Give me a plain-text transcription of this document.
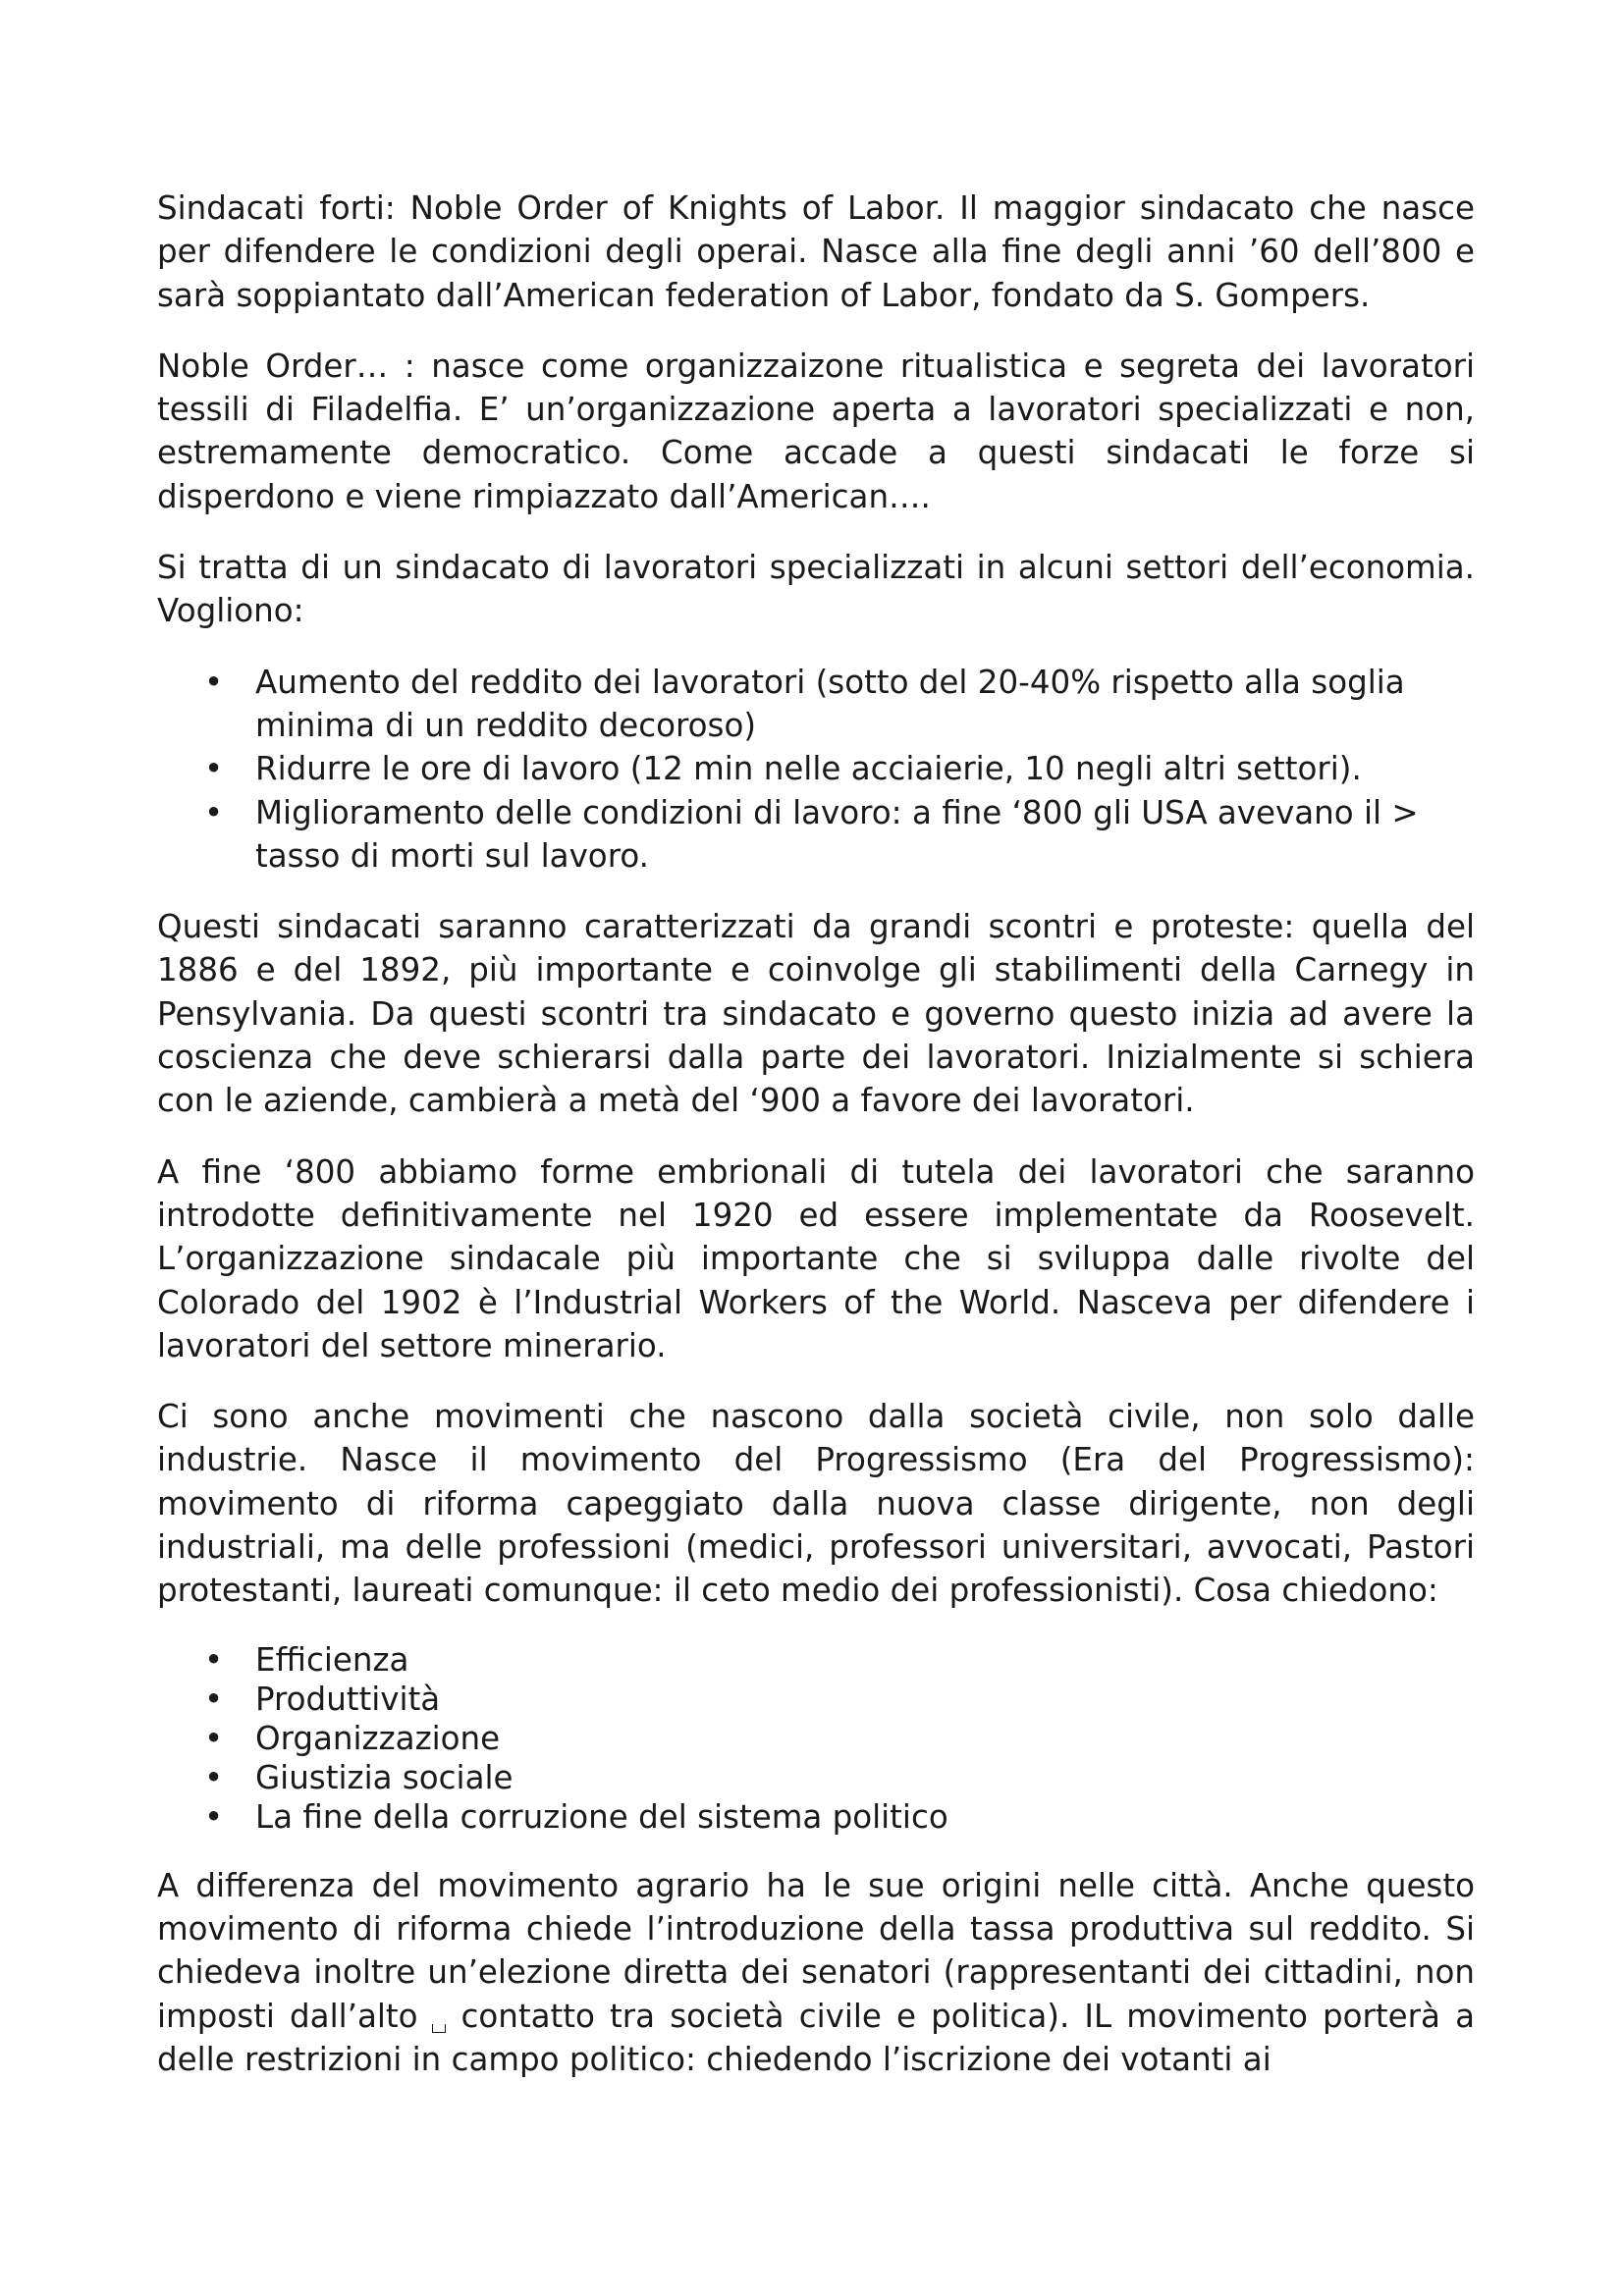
Sindacati forti: Noble Order of Knights of Labor. Il maggior sindacato che nasce per difendere le condizioni degli operai. Nasce alla fine degli anni ’60 dell’800 e sarà soppiantato dall’American federation of Labor, fondato da S. Gompers.

Noble Order… : nasce come organizzaizone ritualistica e segreta dei lavoratori tessili di Filadelfia. E’ un’organizzazione aperta a lavoratori specializzati e non, estremamente democratico. Come accade a questi sindacati le forze si disperdono e viene rimpiazzato dall’American….

Si tratta di un sindacato di lavoratori specializzati in alcuni settori dell’economia. Vogliono:

• Aumento del reddito dei lavoratori (sotto del 20-40% rispetto alla soglia minima di un reddito decoroso)
• Ridurre le ore di lavoro (12 min nelle acciaierie, 10 negli altri settori).
• Miglioramento delle condizioni di lavoro: a fine ‘800 gli USA avevano il > tasso di morti sul lavoro.

Questi sindacati saranno caratterizzati da grandi scontri e proteste: quella del 1886 e del 1892, più importante e coinvolge gli stabilimenti della Carnegy in Pensylvania. Da questi scontri tra sindacato e governo questo inizia ad avere la coscienza che deve schierarsi dalla parte dei lavoratori. Inizialmente si schiera con le aziende, cambierà a metà del ‘900 a favore dei lavoratori.

A fine ‘800 abbiamo forme embrionali di tutela dei lavoratori che saranno introdotte definitivamente nel 1920 ed essere implementate da Roosevelt. L’organizzazione sindacale più importante che si sviluppa dalle rivolte del Colorado del 1902 è l’Industrial Workers of the World. Nasceva per difendere i lavoratori del settore minerario.

Ci sono anche movimenti che nascono dalla società civile, non solo dalle industrie. Nasce il movimento del Progressismo (Era del Progressismo): movimento di riforma capeggiato dalla nuova classe dirigente, non degli industriali, ma delle professioni (medici, professori universitari, avvocati, Pastori protestanti, laureati comunque: il ceto medio dei professionisti). Cosa chiedono:

• Efficienza
• Produttività
• Organizzazione
• Giustizia sociale
• La fine della corruzione del sistema politico

A differenza del movimento agrario ha le sue origini nelle città. Anche questo movimento di riforma chiede l’introduzione della tassa produttiva sul reddito. Si chiedeva inoltre un’elezione diretta dei senatori (rappresentanti dei cittadini, non imposti dall’alto contatto tra società civile e politica). IL movimento porterà a delle restrizioni in campo politico: chiedendo l’iscrizione dei votanti ai
